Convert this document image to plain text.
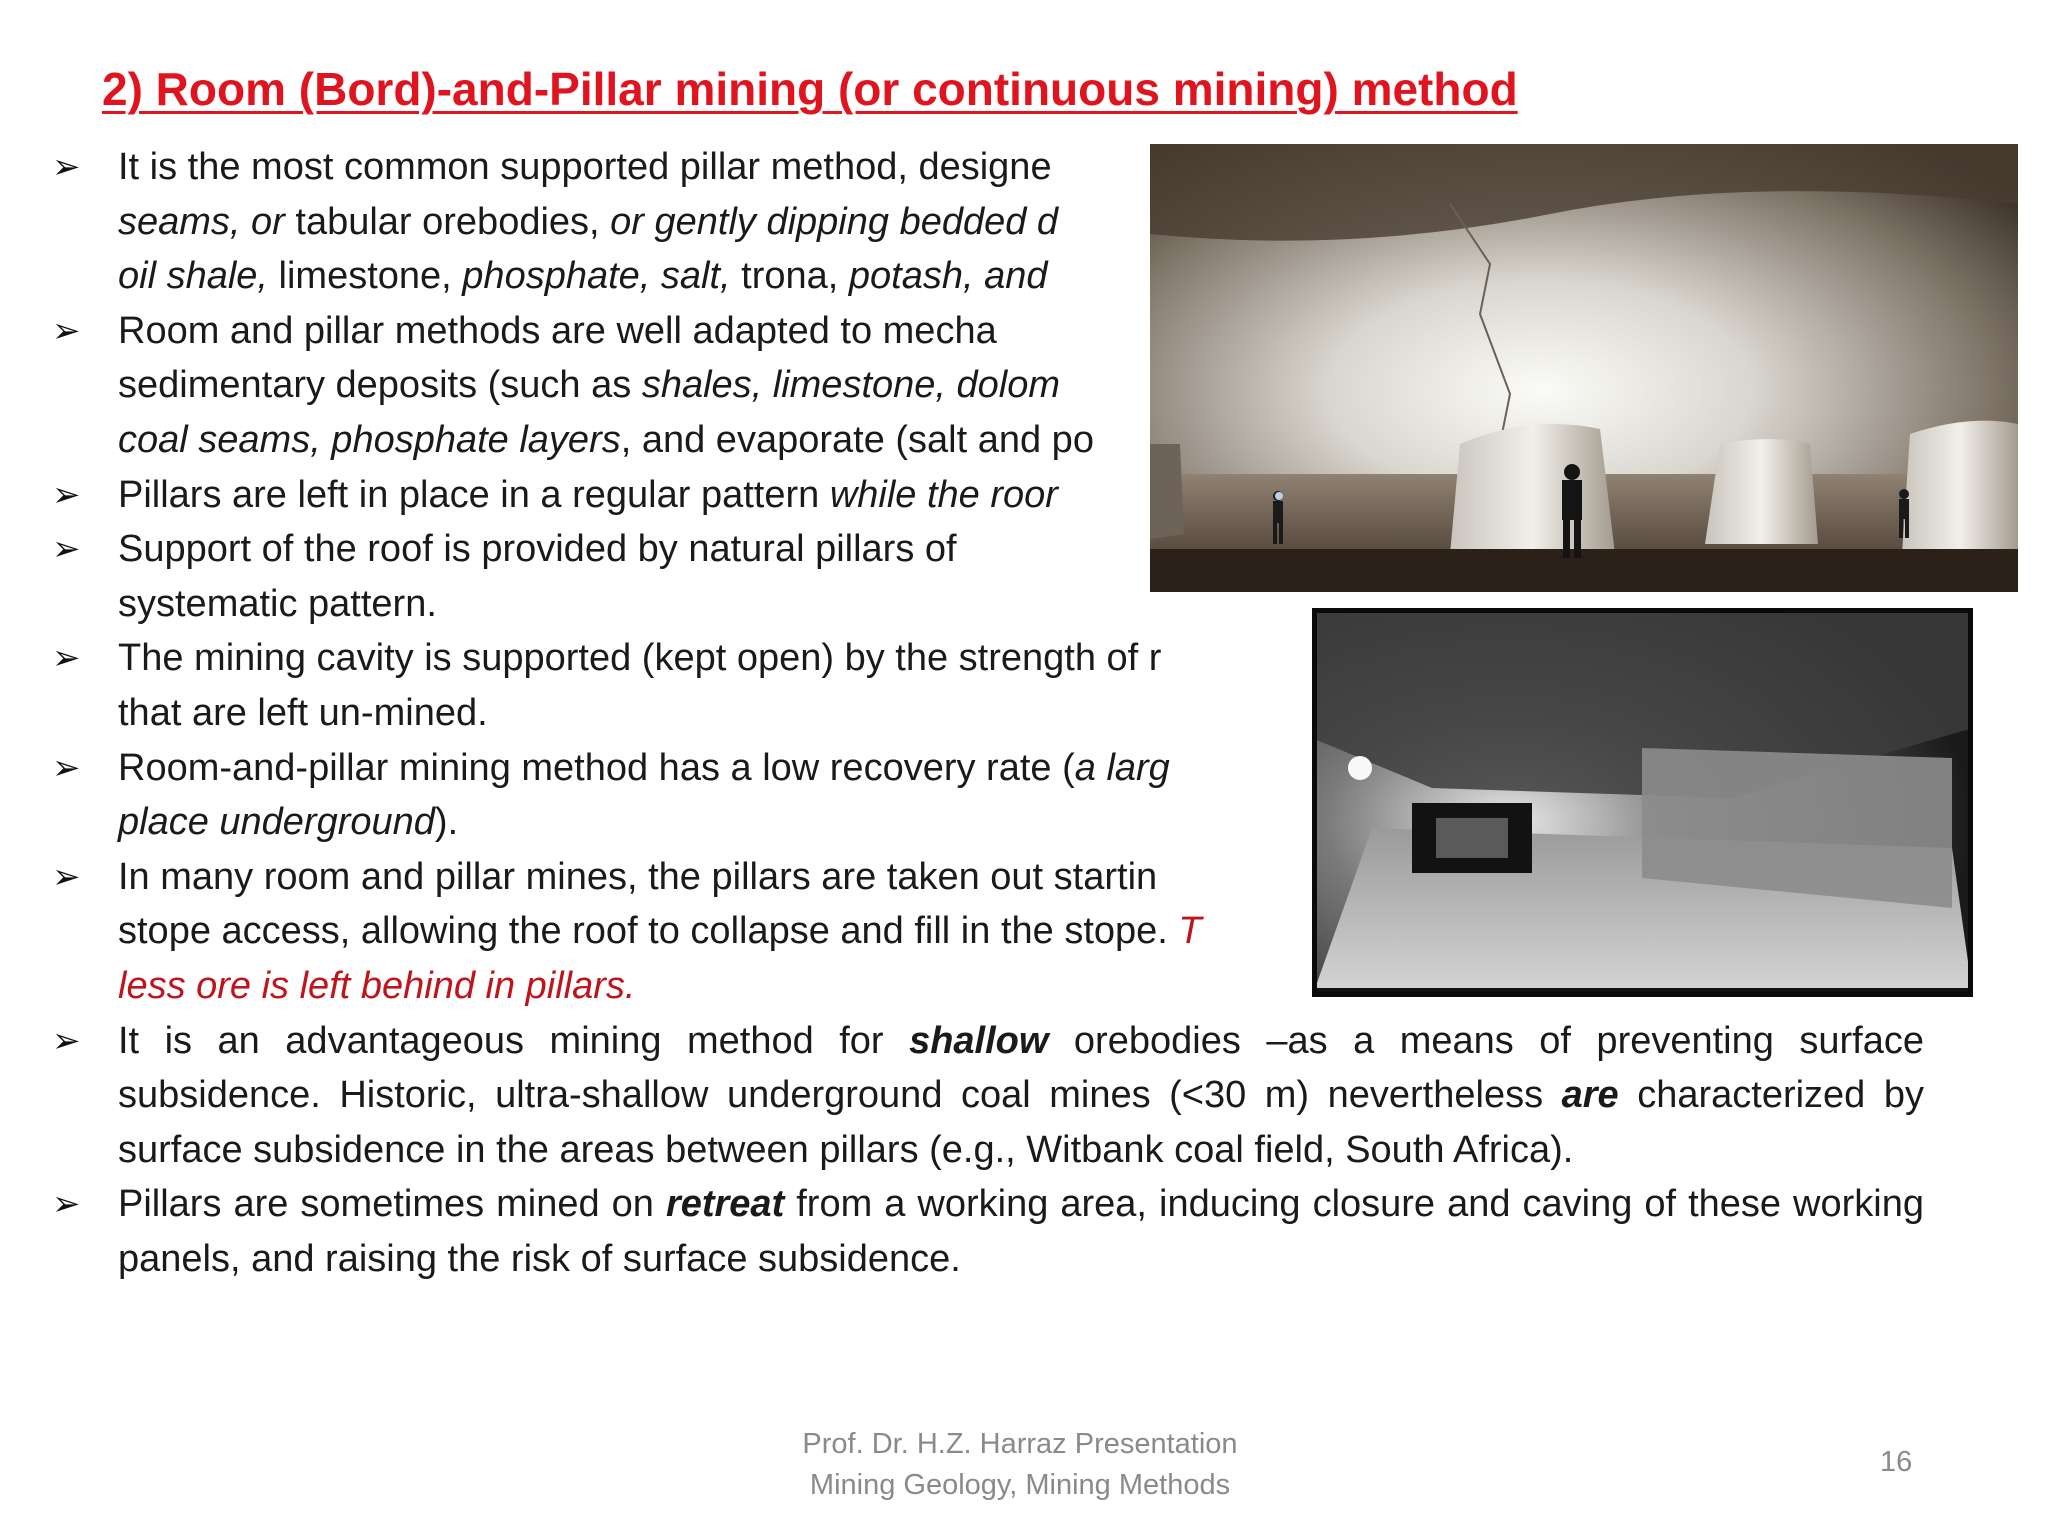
2) Room (Bord)-and-Pillar mining (or continuous mining) method
➢ It is the most common supported pillar method, designe
seams, or tabular orebodies, or gently dipping bedded d
oil shale, limestone, phosphate, salt, trona, potash, and
➢ Room and pillar methods are well adapted to mecha
sedimentary deposits (such as shales, limestone, dolom
coal seams, phosphate layers, and evaporate (salt and po
➢ Pillars are left in place in a regular pattern while the roor
➢ Support of the roof is provided by natural pillars of
systematic pattern.
➢ The mining cavity is supported (kept open) by the strength of r
that are left un-mined.
➢ Room-and-pillar mining method has a low recovery rate (a larg
place underground).
➢ In many room and pillar mines, the pillars are taken out startin
stope access, allowing the roof to collapse and fill in the stope. T
less ore is left behind in pillars.
➢ It is an advantageous mining method for shallow orebodies –as a means of preventing surface subsidence. Historic, ultra-shallow underground coal mines (<30 m) nevertheless are characterized by surface subsidence in the areas between pillars (e.g., Witbank coal field, South Africa).
➢ Pillars are sometimes mined on retreat from a working area, inducing closure and caving of these working panels, and raising the risk of surface subsidence.
Prof. Dr. H.Z. Harraz Presentation
Mining Geology, Mining Methods
16
